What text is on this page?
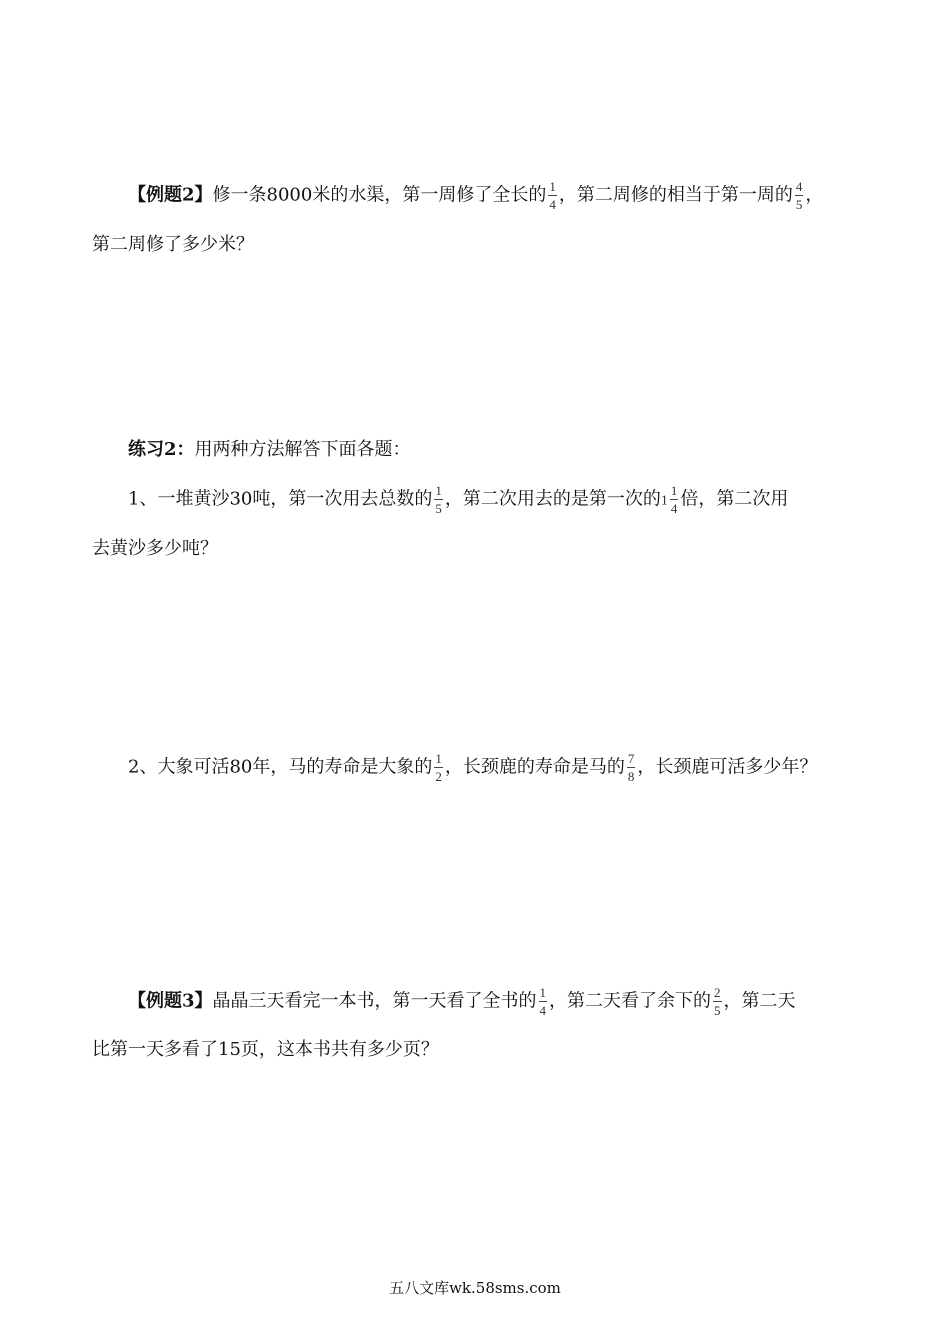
【例题2】修一条8000米的水渠，第一周修了全长的 $\frac{1}{4}$ ，第二周修的相当于第一周的 $\frac{4}{5}$ ，
第二周修了多少米？
练习2：用两种方法解答下面各题：
1、一堆黄沙30吨，第一次用去总数的 $\frac{1}{5}$ ，第二次用去的是第一次的$1 \frac{1}{4}$ 倍，第二次用
去黄沙多少吨？
2、大象可活80年，马的寿命是大象的 $\frac{1}{2}$ ，长颈鹿的寿命是马的 $\frac{7}{8}$ ，长颈鹿可活多少年？
【例题3】晶晶三天看完一本书，第一天看了全书的 $\frac{1}{4}$ ，第二天看了余下的 $\frac{2}{5}$ ，第二天
比第一天多看了15页，这本书共有多少页？
五八文库wk.58sms.com
